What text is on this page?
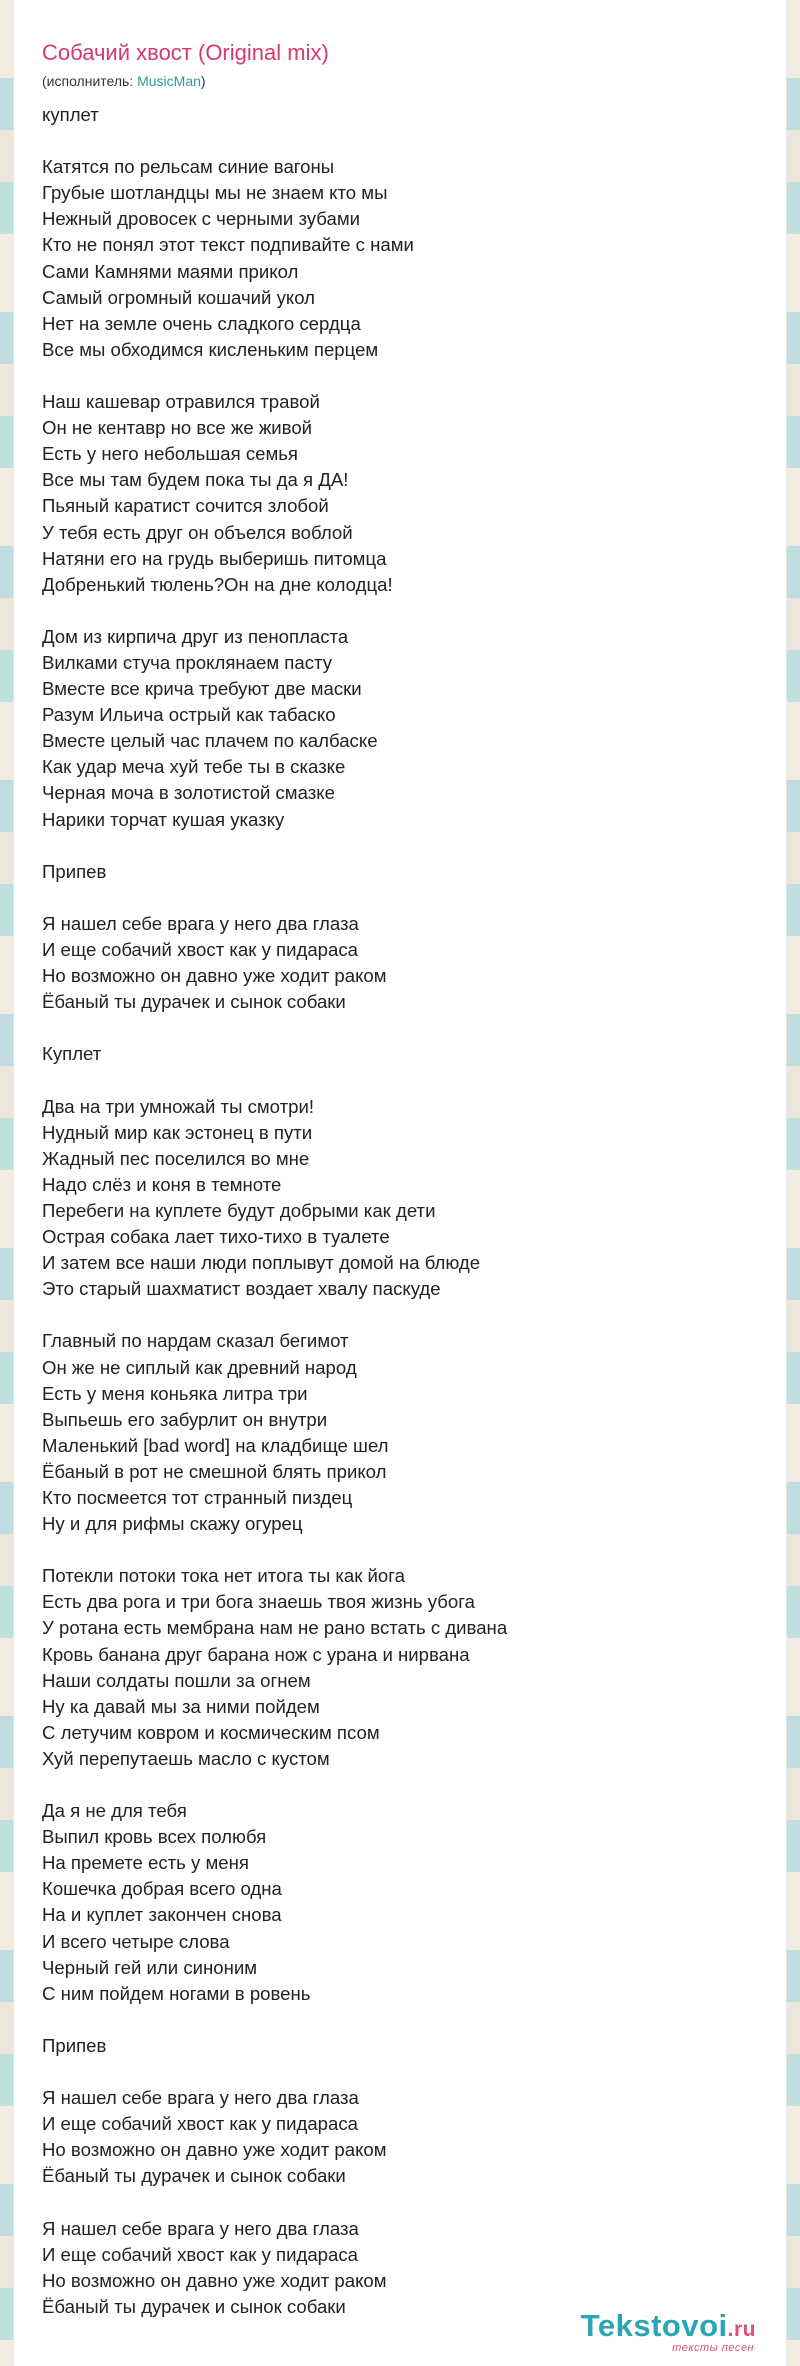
Собачий хвост (Original mix)
(исполнитель: MusicMan)
куплет
Катятся по рельсам синие вагоны
Грубые шотландцы мы не знаем кто мы
Нежный дровосек с черными зубами
Кто не понял этот текст подпивайте с нами
Сами Камнями маями прикол
Самый огромный кошачий укол
Нет на земле очень сладкого сердца
Все мы обходимся кисленьким перцем
Наш кашевар отравился травой
Он не кентавр но все же живой
Есть у него небольшая семья
Все мы там будем пока ты да я ДА!
Пьяный каратист сочится злобой
У тебя есть друг он объелся воблой
Натяни его на грудь выберишь питомца
Добренький тюлень?Он на дне колодца!
Дом из кирпича друг из пенопласта
Вилками стуча проклянаем пасту
Вместе все крича требуют две маски
Разум Ильича острый как табаско
Вместе целый час плачем по калбаске
Как удар меча хуй тебе ты в сказке
Черная моча в золотистой смазке
Нарики торчат кушая указку
Припев
Я нашел себе врага у него два глаза
И еще собачий хвост как у пидараса
Но возможно он давно уже ходит раком
Ёбаный ты дурачек и сынок собаки
Куплет
Два на три умножай ты смотри!
Нудный мир как эстонец в пути
Жадный пес поселился во мне
Надо слёз и коня в темноте
Перебеги на куплете будут добрыми как дети
Острая собака лает тихо-тихо в туалете
И затем все наши люди поплывут домой на блюде
Это старый шахматист воздает хвалу паскуде
Главный по нардам сказал бегимот
Он же не сиплый как древний народ
Есть у меня коньяка литра три
Выпьешь его забурлит он внутри
Маленький [bad word] на кладбище шел
Ёбаный в рот не смешной блять прикол
Кто посмеется тот странный пиздец
Ну и для рифмы скажу огурец
Потекли потоки тока нет итога ты как йога
Есть два рога и три бога знаешь твоя жизнь убога
У ротана есть мембрана нам не рано встать с дивана
Кровь банана друг барана нож с урана и нирвана
Наши солдаты пошли за огнем
Ну ка давай мы за ними пойдем
С летучим ковром и космическим псом
Хуй перепутаешь масло с кустом
Да я не для тебя
Выпил кровь всех полюбя
На премете есть у меня
Кошечка добрая всего одна
На и куплет закончен снова
И всего четыре слова
Черный гей или синоним
С ним пойдем ногами в ровень
Припев
Я нашел себе врага у него два глаза
И еще собачий хвост как у пидараса
Но возможно он давно уже ходит раком
Ёбаный ты дурачек и сынок собаки
Я нашел себе врага у него два глаза
И еще собачий хвост как у пидараса
Но возможно он давно уже ходит раком
Ёбаный ты дурачек и сынок собаки
Tekstovoi.ru
тексты песен
